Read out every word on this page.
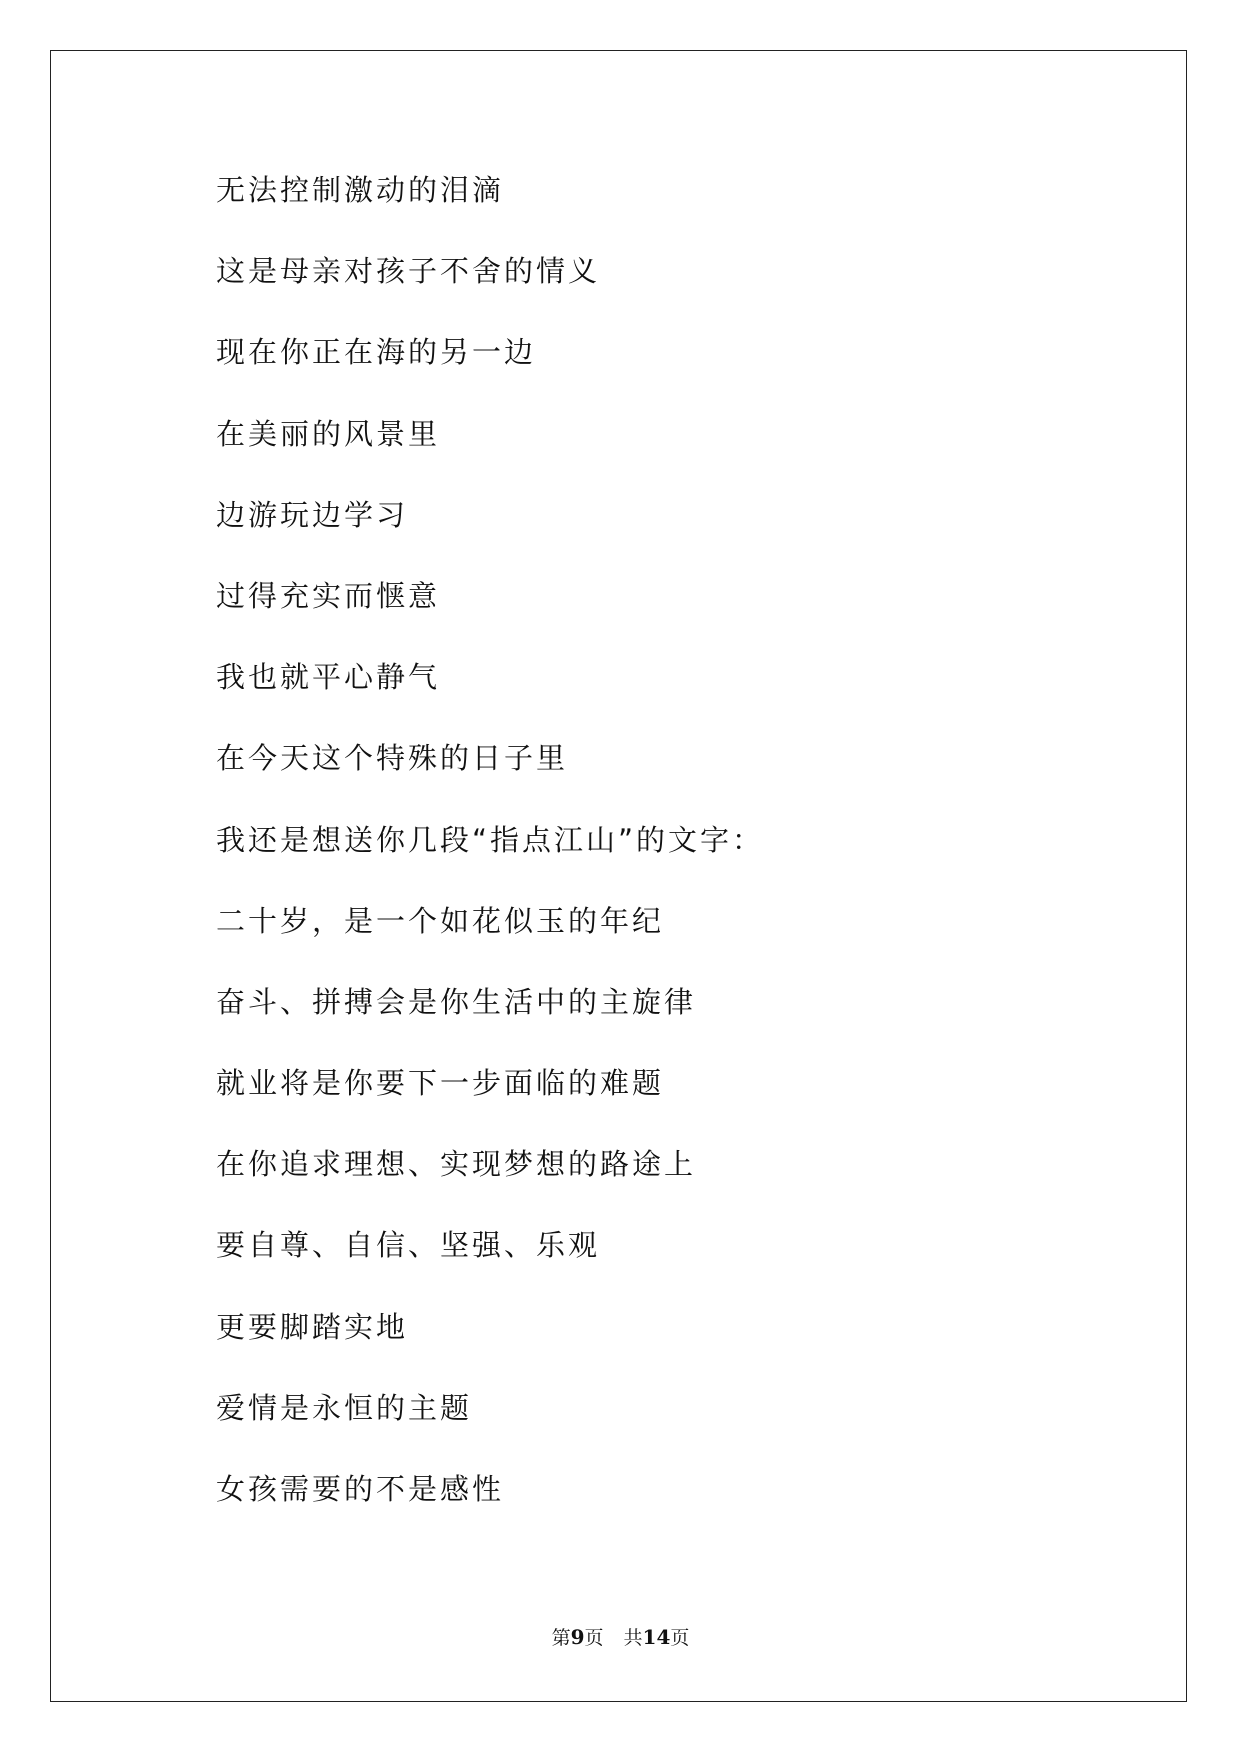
无法控制激动的泪滴
这是母亲对孩子不舍的情义
现在你正在海的另一边
在美丽的风景里
边游玩边学习
过得充实而惬意
我也就平心静气
在今天这个特殊的日子里
我还是想送你几段“指点江山”的文字：
二十岁，是一个如花似玉的年纪
奋斗、拼搏会是你生活中的主旋律
就业将是你要下一步面临的难题
在你追求理想、实现梦想的路途上
要自尊、自信、坚强、乐观
更要脚踏实地
爱情是永恒的主题
女孩需要的不是感性
第9页 共14页
